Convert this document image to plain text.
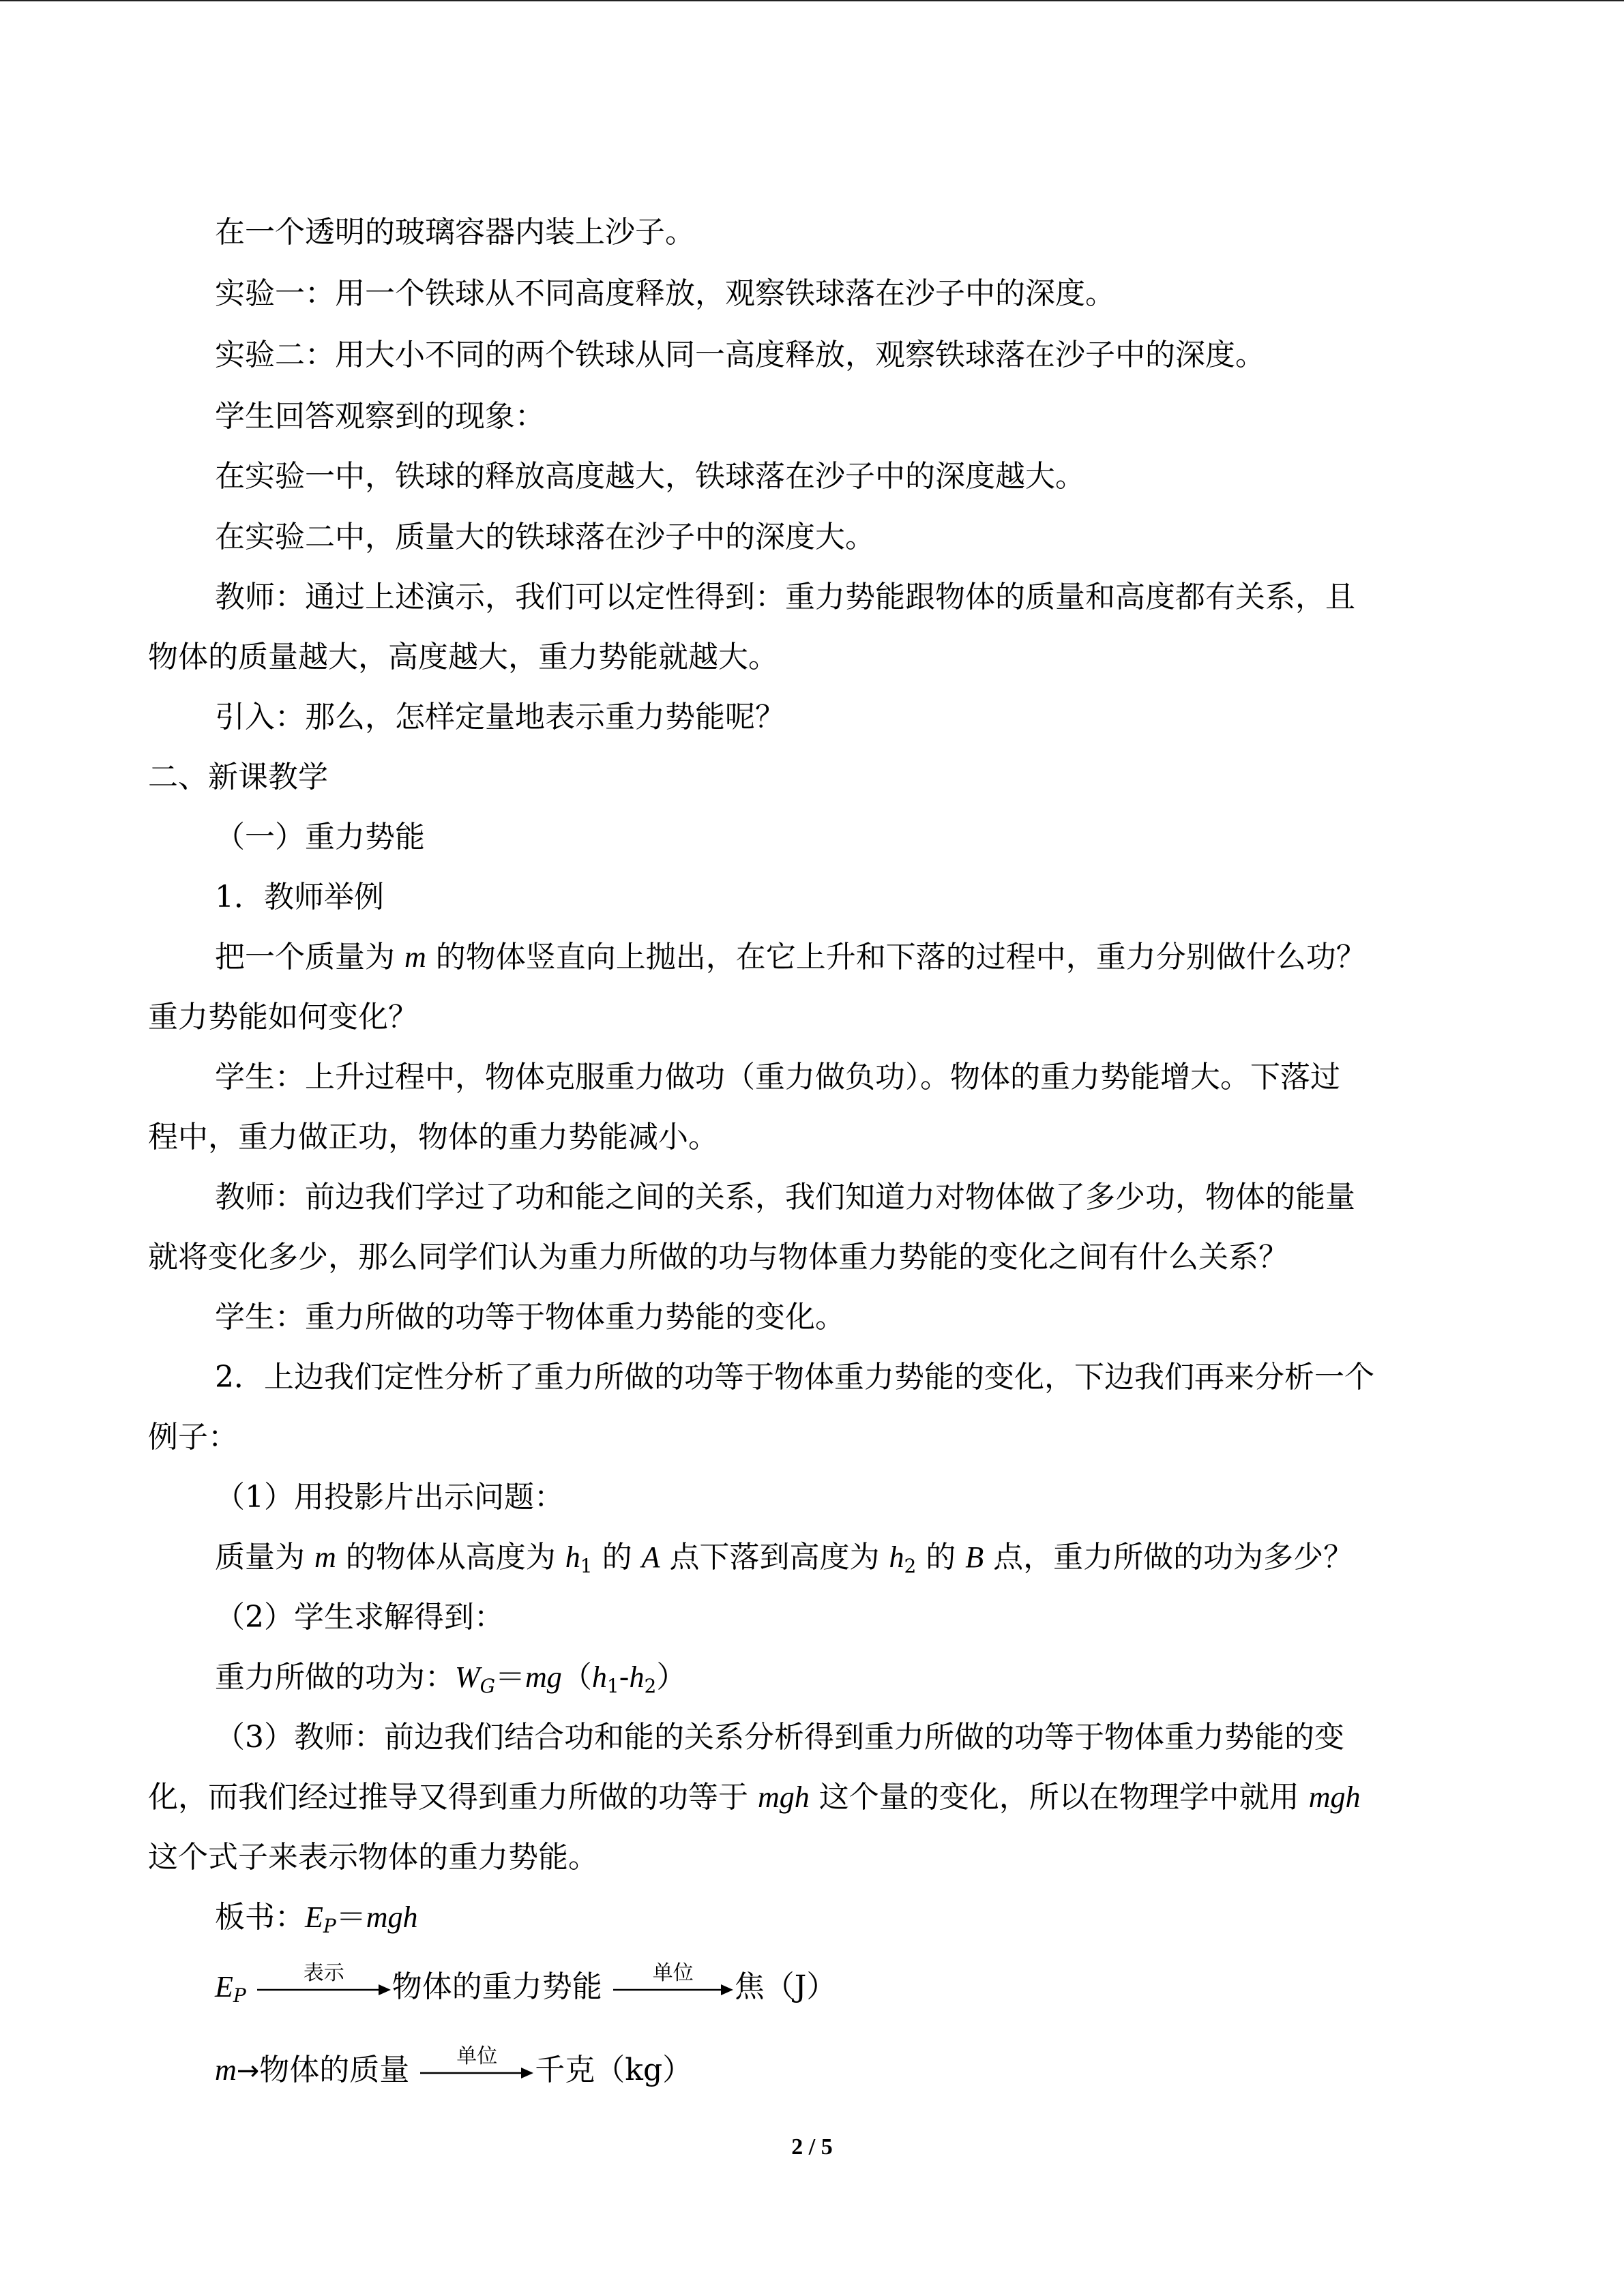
在一个透明的玻璃容器内装上沙子。
实验一：用一个铁球从不同高度释放，观察铁球落在沙子中的深度。
实验二：用大小不同的两个铁球从同一高度释放，观察铁球落在沙子中的深度。
学生回答观察到的现象：
在实验一中，铁球的释放高度越大，铁球落在沙子中的深度越大。
在实验二中，质量大的铁球落在沙子中的深度大。
教师：通过上述演示，我们可以定性得到：重力势能跟物体的质量和高度都有关系，且
物体的质量越大，高度越大，重力势能就越大。
引入：那么，怎样定量地表示重力势能呢？
二、新课教学
（一）重力势能
1．教师举例
把一个质量为 m 的物体竖直向上抛出，在它上升和下落的过程中，重力分别做什么功？
重力势能如何变化？
学生：上升过程中，物体克服重力做功（重力做负功）。物体的重力势能增大。下落过
程中，重力做正功，物体的重力势能减小。
教师：前边我们学过了功和能之间的关系，我们知道力对物体做了多少功，物体的能量
就将变化多少，那么同学们认为重力所做的功与物体重力势能的变化之间有什么关系？
学生：重力所做的功等于物体重力势能的变化。
2．上边我们定性分析了重力所做的功等于物体重力势能的变化，下边我们再来分析一个
例子：
（1）用投影片出示问题：
质量为 m 的物体从高度为 $h_1$ 的 A 点下落到高度为 $h_2$ 的 B 点，重力所做的功为多少？
（2）学生求解得到：
重力所做的功为：$W_G=mg(h_1-h_2)$
（3）教师：前边我们结合功和能的关系分析得到重力所做的功等于物体重力势能的变
化，而我们经过推导又得到重力所做的功等于 mgh 这个量的变化，所以在物理学中就用 mgh
这个式子来表示物体的重力势能。
板书：$E_P=mgh$
$E_P$
表示	物体的重力势能	单位	焦（J）
m→物体的质量	单位	千克（kg）
2 / 5
